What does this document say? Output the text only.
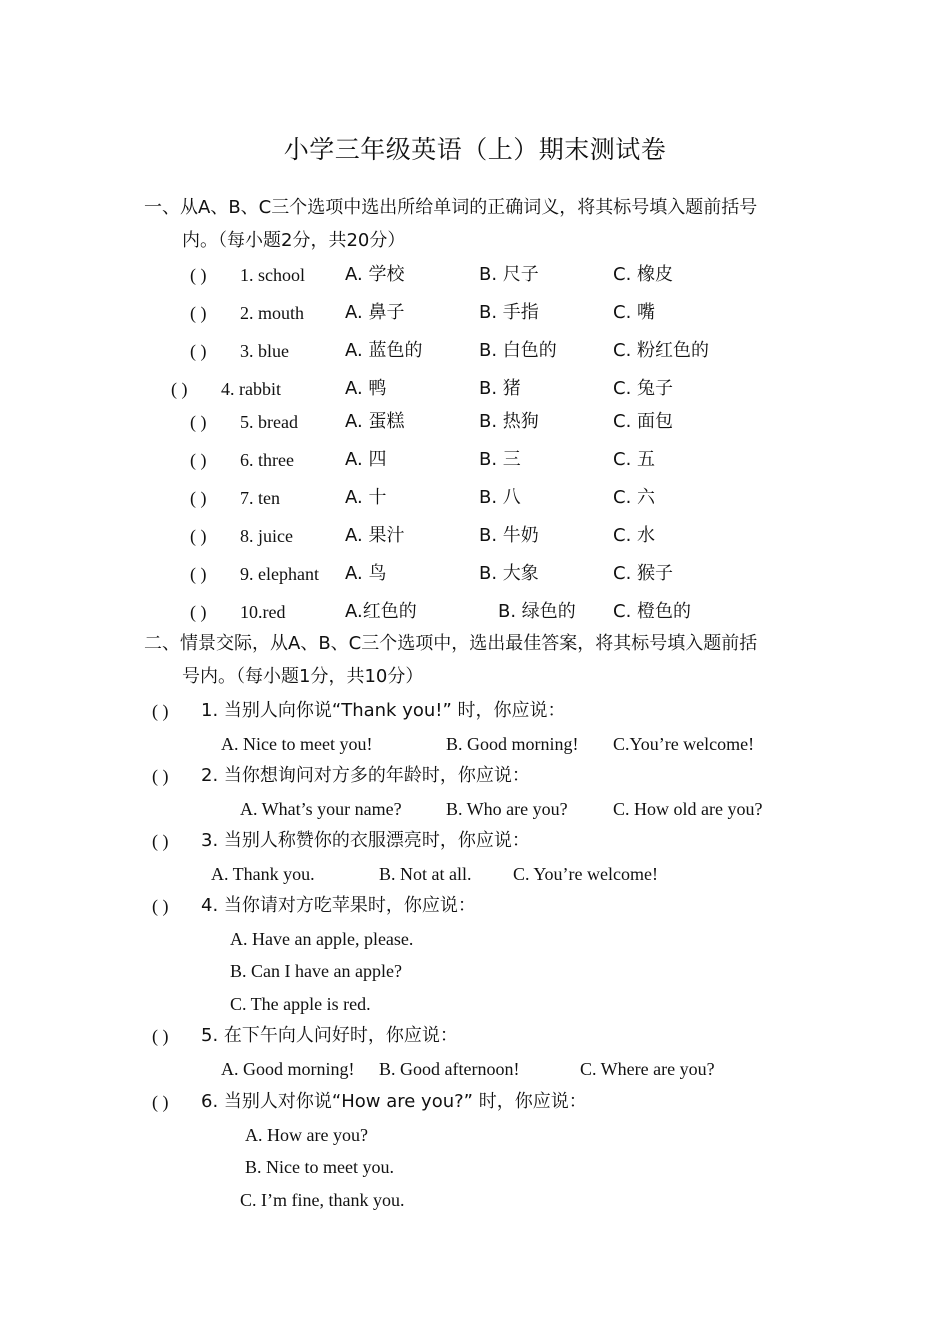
小学三年级英语（上）期末测试卷
一、从A、B、C三个选项中选出所给单词的正确词义，将其标号填入题前括号
内。（每小题2分，共20分）
( ) 1. school A. 学校	B. 尺子	C. 橡皮
( ) 2. mouth A. 鼻子	B. 手指	C. 嘴
( ) 3. blue	A. 蓝色的	B. 白色的	C. 粉红色的
( ) 4. rabbit	A. 鸭	B. 猪	C. 兔子
( ) 5. bread	A. 蛋糕	B. 热狗	C. 面包
( ) 6. three	A. 四	B. 三	C. 五
( ) 7. ten	A. 十	B. 八	C. 六
( ) 8. juice	A. 果汁	B. 牛奶	C. 水
( ) 9. elephant A. 鸟	B. 大象	C. 猴子
( ) 10.red	A.红色的	B. 绿色的 C. 橙色的
二、情景交际，从A、B、C三个选项中，选出最佳答案，将其标号填入题前括
号内。（每小题1分，共10分）
( ) 1. 当别人向你说“Thank you!” 时，你应说：
A. Nice to meet you!	B. Good morning! C.You’re welcome!
( ) 2. 当你想询问对方多的年龄时，你应说：
A. What’s your name? B. Who are you?	C. How old are you?
( ) 3. 当别人称赞你的衣服漂亮时，你应说：
A. Thank you.	B. Not at all. C. You’re welcome!
( ) 4. 当你请对方吃苹果时，你应说：
A. Have an apple, please.
B. Can I have an apple?
C. The apple is red.
( ) 5. 在下午向人问好时，你应说：
A. Good morning! B. Good afternoon!	C. Where are you?
( ) 6. 当别人对你说“How are you?” 时，你应说：
A. How are you?
B. Nice to meet you.
C. I’m fine, thank you.
